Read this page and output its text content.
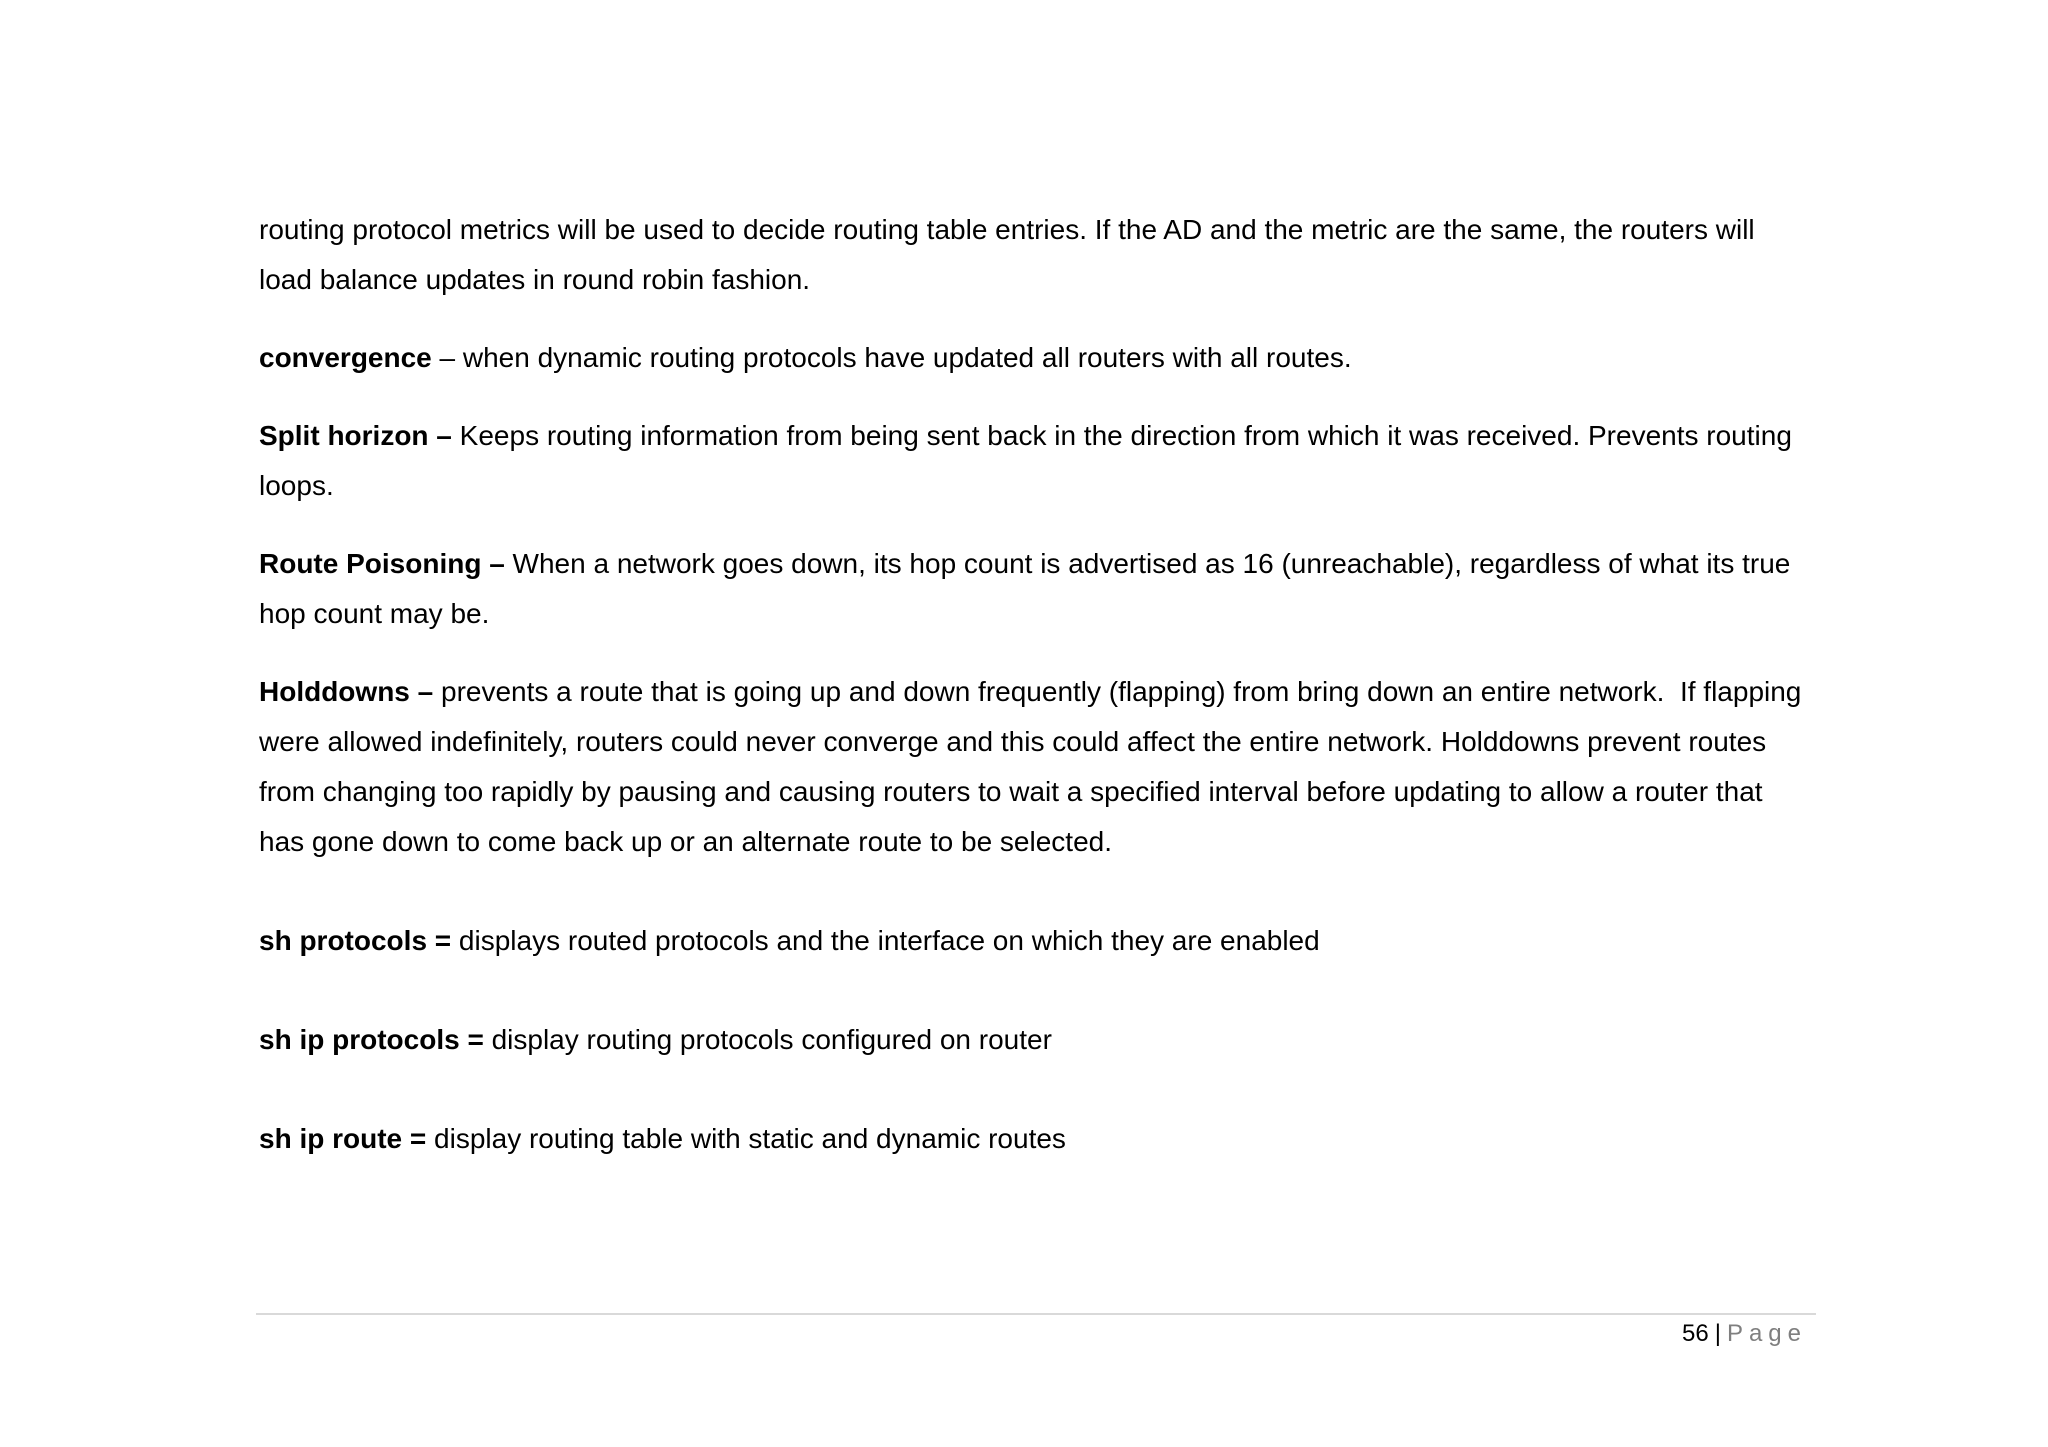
routing protocol metrics will be used to decide routing table entries. If the AD and the metric are the same, the routers will load balance updates in round robin fashion.

convergence – when dynamic routing protocols have updated all routers with all routes.

Split horizon – Keeps routing information from being sent back in the direction from which it was received. Prevents routing loops.

Route Poisoning – When a network goes down, its hop count is advertised as 16 (unreachable), regardless of what its true hop count may be.

Holddowns – prevents a route that is going up and down frequently (flapping) from bring down an entire network.  If flapping were allowed indefinitely, routers could never converge and this could affect the entire network. Holddowns prevent routes from changing too rapidly by pausing and causing routers to wait a specified interval before updating to allow a router that has gone down to come back up or an alternate route to be selected.

sh protocols = displays routed protocols and the interface on which they are enabled

sh ip protocols = display routing protocols configured on router

sh ip route = display routing table with static and dynamic routes

56 | Page
